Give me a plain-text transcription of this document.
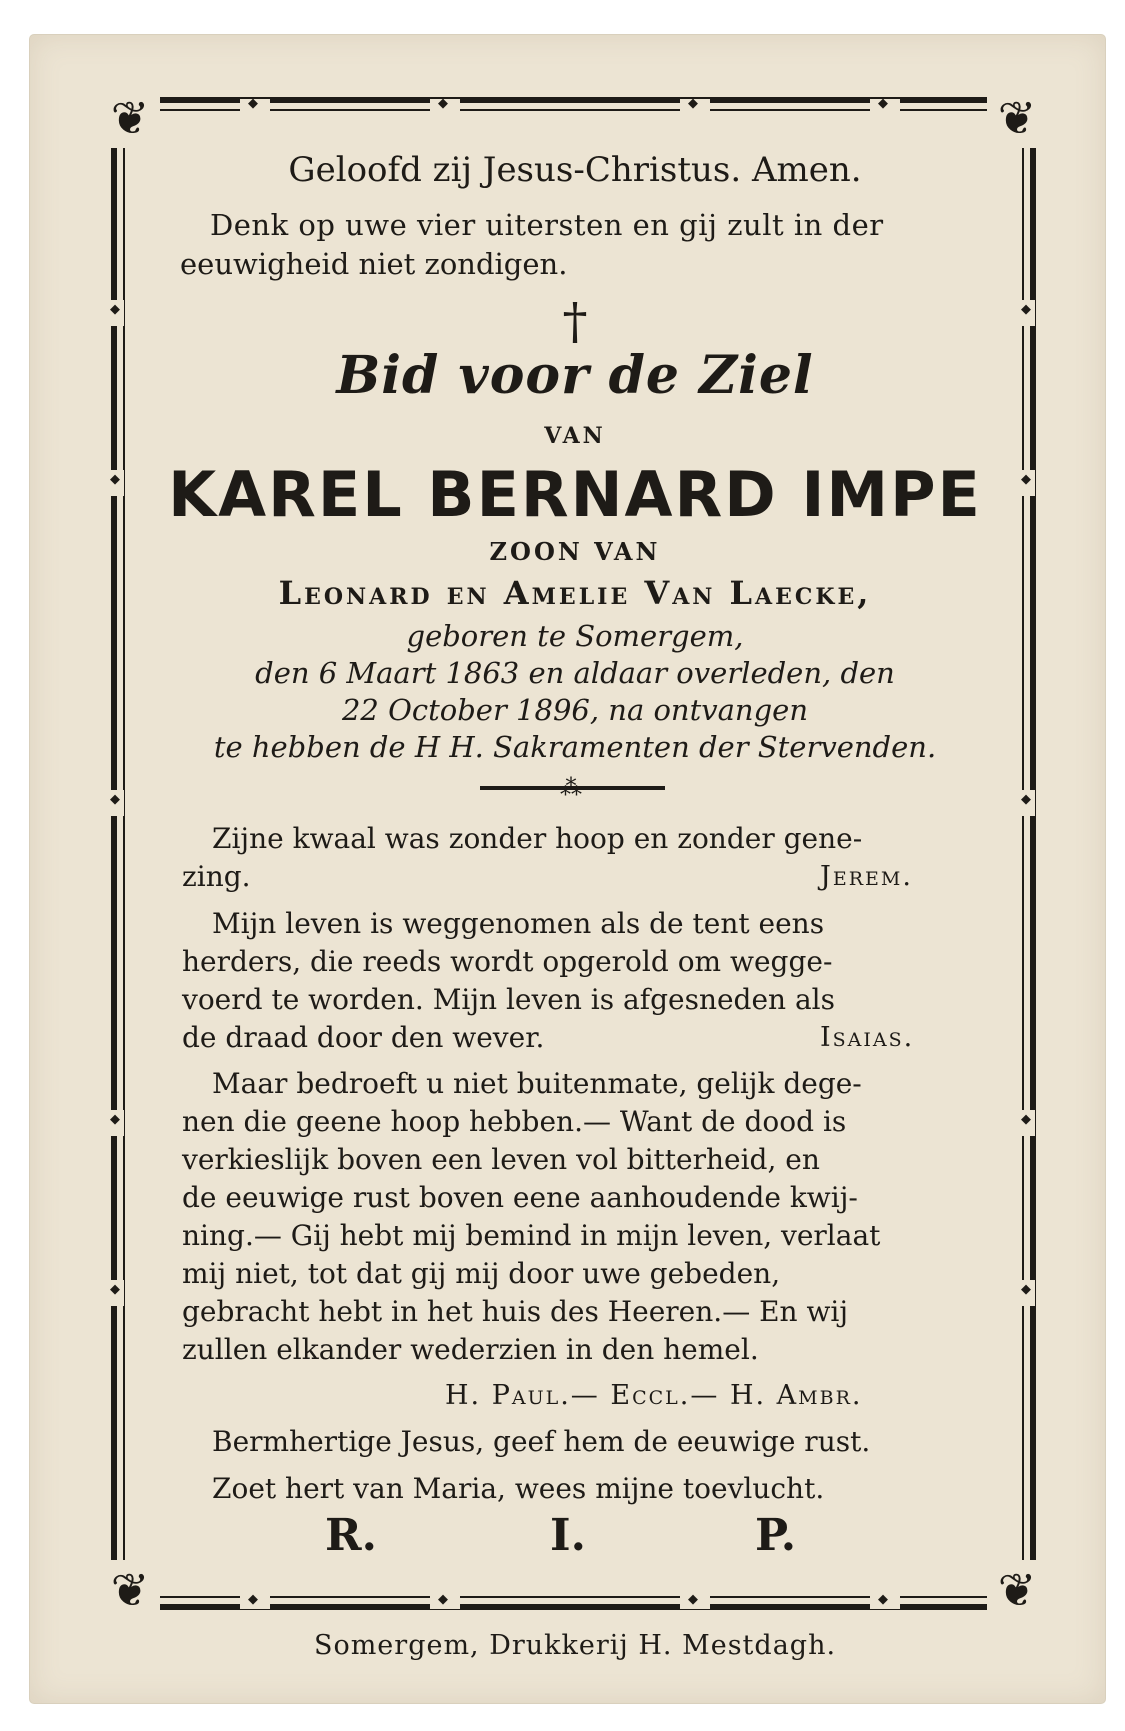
◆
◆
◆
◆
◆
◆
◆
◆
◆
◆
◆
◆
◆
◆
◆
◆
◆
◆
❦	❦
❦	❦

Geloofd zij Jesus-Christus. Amen.

Denk op uwe vier uitersten en gij zult in der

eeuwigheid niet zondigen.

†

Bid voor de Ziel

VAN

KAREL BERNARD IMPE

ZOON VAN

Leonard en Amelie Van Laecke,

geboren te Somergem,

den 6 Maart 1863 en aldaar overleden, den

22 October 1896, na ontvangen

te hebben de H H. Sakramenten der Stervenden.

⁂

Zijne kwaal was zonder hoop en zonder gene-

zing.	Jerem.

Mijn leven is weggenomen als de tent eens

herders, die reeds wordt opgerold om wegge-

voerd te worden. Mijn leven is afgesneden als

de draad door den wever.	Isaias.

Maar bedroeft u niet buitenmate, gelijk dege-

nen die geene hoop hebben.— Want de dood is

verkieslijk boven een leven vol bitterheid, en

de eeuwige rust boven eene aanhoudende kwij-

ning.— Gij hebt mij bemind in mijn leven, verlaat

mij niet, tot dat gij mij door uwe gebeden,

gebracht hebt in het huis des Heeren.— En wij

zullen elkander wederzien in den hemel.

H. Paul.— Eccl.— H. Ambr.

Bermhertige Jesus, geef hem de eeuwige rust.

Zoet hert van Maria, wees mijne toevlucht.

R.	I.	P.

Somergem, Drukkerij H. Mestdagh.
